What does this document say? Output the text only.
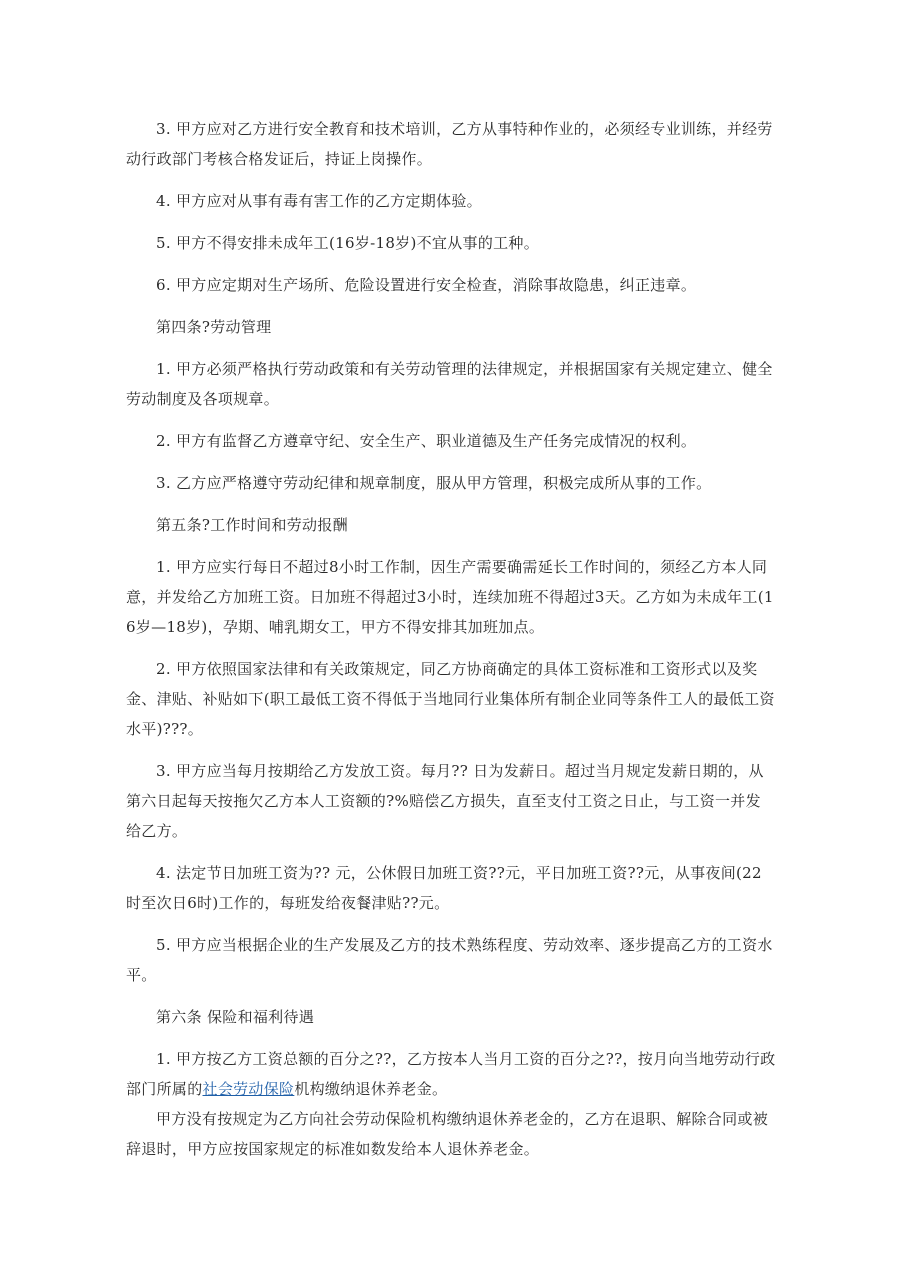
3. 甲方应对乙方进行安全教育和技术培训，乙方从事特种作业的，必须经专业训练，并经劳动行政部门考核合格发证后，持证上岗操作。

4. 甲方应对从事有毒有害工作的乙方定期体验。

5. 甲方不得安排未成年工(16岁-18岁)不宜从事的工种。

6. 甲方应定期对生产场所、危险设置进行安全检查，消除事故隐患，纠正违章。

第四条?劳动管理

1. 甲方必须严格执行劳动政策和有关劳动管理的法律规定，并根据国家有关规定建立、健全劳动制度及各项规章。

2. 甲方有监督乙方遵章守纪、安全生产、职业道德及生产任务完成情况的权利。

3. 乙方应严格遵守劳动纪律和规章制度，服从甲方管理，积极完成所从事的工作。

第五条?工作时间和劳动报酬

1. 甲方应实行每日不超过8小时工作制，因生产需要确需延长工作时间的，须经乙方本人同意，并发给乙方加班工资。日加班不得超过3小时，连续加班不得超过3天。乙方如为未成年工(16岁—18岁)，孕期、哺乳期女工，甲方不得安排其加班加点。

2. 甲方依照国家法律和有关政策规定，同乙方协商确定的具体工资标准和工资形式以及奖金、津贴、补贴如下(职工最低工资不得低于当地同行业集体所有制企业同等条件工人的最低工资水平)???。

3. 甲方应当每月按期给乙方发放工资。每月?? 日为发薪日。超过当月规定发薪日期的，从第六日起每天按拖欠乙方本人工资额的?%赔偿乙方损失，直至支付工资之日止，与工资一并发给乙方。

4. 法定节日加班工资为?? 元，公休假日加班工资??元，平日加班工资??元，从事夜间(22时至次日6时)工作的，每班发给夜餐津贴??元。

5. 甲方应当根据企业的生产发展及乙方的技术熟练程度、劳动效率、逐步提高乙方的工资水平。

第六条 保险和福利待遇

1. 甲方按乙方工资总额的百分之??，乙方按本人当月工资的百分之??，按月向当地劳动行政部门所属的社会劳动保险机构缴纳退休养老金。

甲方没有按规定为乙方向社会劳动保险机构缴纳退休养老金的，乙方在退职、解除合同或被辞退时，甲方应按国家规定的标准如数发给本人退休养老金。
